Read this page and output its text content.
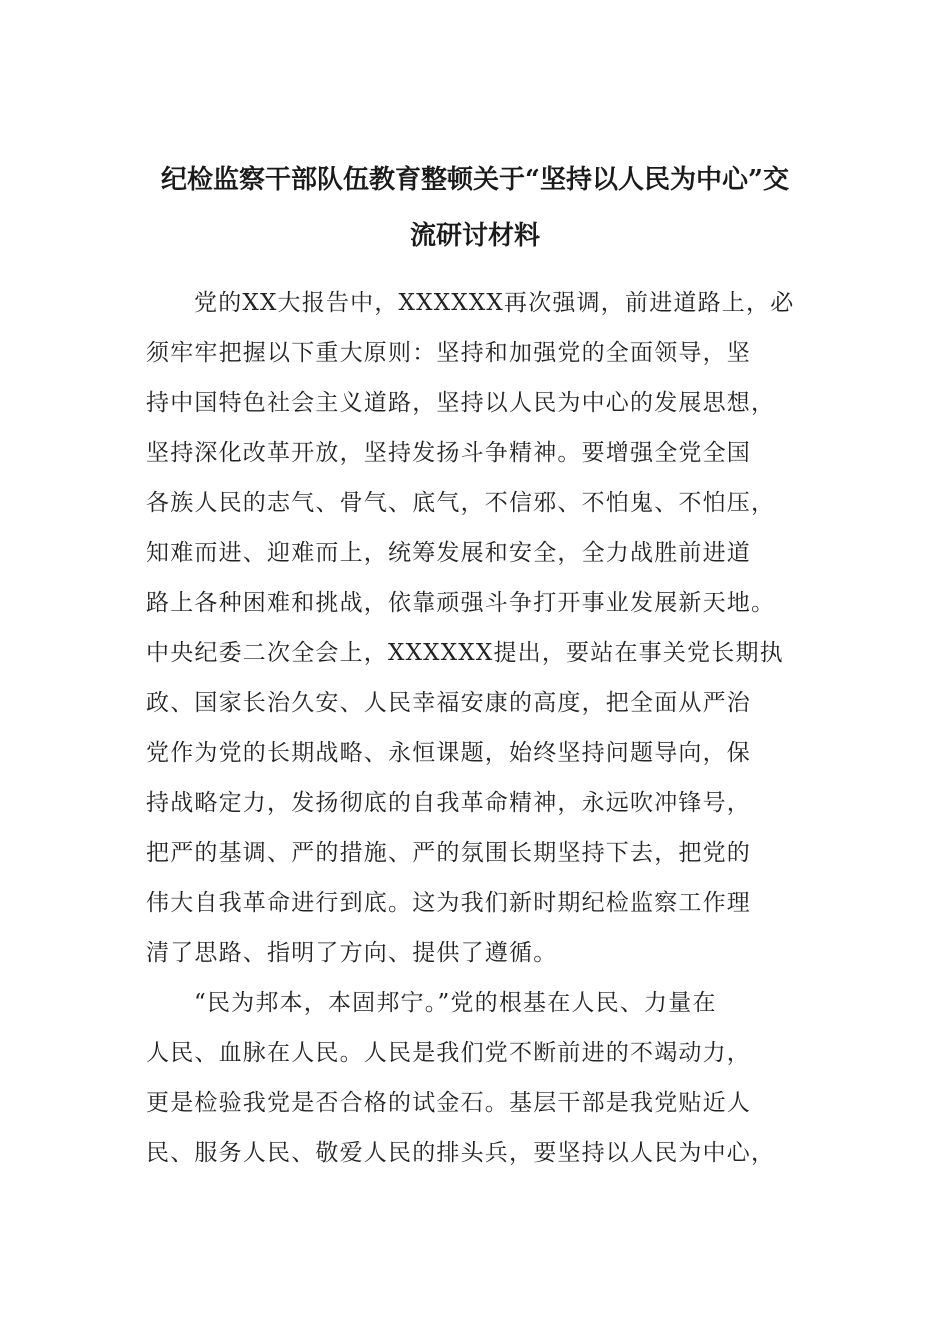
纪检监察干部队伍教育整顿关于“坚持以人民为中心”交
流研讨材料
党的XX大报告中，XXXXXX再次强调，前进道路上，必
须牢牢把握以下重大原则：坚持和加强党的全面领导，坚
持中国特色社会主义道路，坚持以人民为中心的发展思想，
坚持深化改革开放，坚持发扬斗争精神。要增强全党全国
各族人民的志气、骨气、底气，不信邪、不怕鬼、不怕压，
知难而进、迎难而上，统筹发展和安全，全力战胜前进道
路上各种困难和挑战，依靠顽强斗争打开事业发展新天地。
中央纪委二次全会上，XXXXXX提出，要站在事关党长期执
政、国家长治久安、人民幸福安康的高度，把全面从严治
党作为党的长期战略、永恒课题，始终坚持问题导向，保
持战略定力，发扬彻底的自我革命精神，永远吹冲锋号，
把严的基调、严的措施、严的氛围长期坚持下去，把党的
伟大自我革命进行到底。这为我们新时期纪检监察工作理
清了思路、指明了方向、提供了遵循。
“民为邦本，本固邦宁。”党的根基在人民、力量在
人民、血脉在人民。人民是我们党不断前进的不竭动力，
更是检验我党是否合格的试金石。基层干部是我党贴近人
民、服务人民、敬爱人民的排头兵，要坚持以人民为中心，
